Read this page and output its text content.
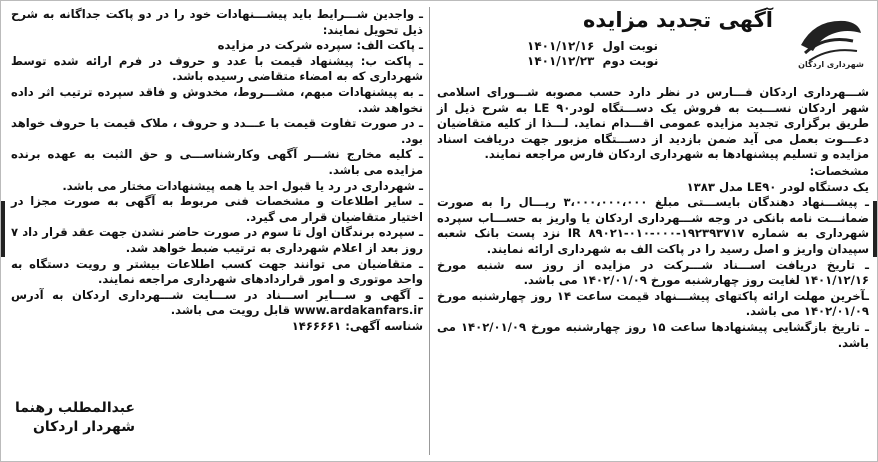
شهرداری اردکان
آگهی تجدید مزایده
نوبت اول ۱۴۰۱/۱۲/۱۶
نوبت دوم ۱۴۰۱/۱۲/۲۳

شـــهرداری اردکان فـــارس در نظر دارد حسب مصوبه شـــورای اسلامی شهر اردکان نســـبت به فروش یک دســـتگاه لودر۹۰ LE به شرح ذیل از طریق برگزاری تجدید مزایده عمومی اقـــدام نماید. لـــذا از کلیه متقاضیان دعـــوت بعمل می آید ضمن بازدید از دســـتگاه مزبور جهت دریافت اسناد مزایده و تسلیم پیشنهادها به شهرداری اردکان فارس مراجعه نمایند.

مشخصات:

یک دستگاه لودر LE۹۰ مدل ۱۳۸۳

ـ پیشـــنهاد دهندگان بایســـتی مبلغ ۳،۰۰۰،۰۰۰،۰۰۰ ریـــال را به صورت ضمانـــت نامه بانکی در وجه شـــهرداری اردکان یا واریز به حســـاب سپرده شهرداری به شماره ۱۹۲۳۹۳۷۱۷-۰۰۰-۰۱۰-۸۹۰۲۱ IR نزد پست بانک شعبه سپیدان واریز و اصل رسید را در پاکت الف به شهرداری ارائه نمایند.

ـ تاریخ دریافت اســـناد شـــرکت در مزایده از روز سه شنبه مورخ ۱۴۰۱/۱۲/۱۶ لغایت روز چهارشنبه مورخ ۱۴۰۲/۰۱/۰۹ می باشد.

ـآخرین مهلت ارائه پاکتهای پیشـــنهاد قیمت ساعت ۱۴ روز چهارشنبه مورخ ۱۴۰۲/۰۱/۰۹ می باشد.

ـ تاریخ بازگشایی پیشنهادها ساعت ۱۵ روز چهارشنبه مورخ ۱۴۰۲/۰۱/۰۹ می باشد.

ـ واجدین شـــرایط باید پیشـــنهادات خود را در دو پاکت جداگانه به شرح ذیل تحویل نمایند:

ـ پاکت الف: سپرده شرکت در مزایده

ـ پاکت ب: پیشنهاد قیمت با عدد و حروف در فرم ارائه شده توسط شهرداری که به امضاء متقاضی رسیده باشد.

ـ به پیشنهادات مبهم، مشـــروط، مخدوش و فاقد سپرده ترتیب اثر داده نخواهد شد.

ـ در صورت تفاوت قیمت با عـــدد و حروف ، ملاک قیمت با حروف خواهد بود.

ـ کلیه مخارج نشـــر آگهی وکارشناســـی و حق الثبت به عهده برنده مزایده می باشد.

ـ شهرداری در رد یا قبول احد یا همه پیشنهادات مختار می باشد.

ـ سایر اطلاعات و مشخصات فنی مربوط به آگهی به صورت مجزا در اختیار متقاضیان قرار می گیرد.

ـ سپرده برندگان اول تا سوم در صورت حاضر نشدن جهت عقد قرار داد ۷ روز بعد از اعلام شهرداری به ترتیب ضبط خواهد شد.

ـ متقاضیان می توانند جهت کسب اطلاعات بیشتر و رویت دستگاه به واحد موتوری و امور قراردادهای شهرداری مراجعه نمایند.

ـ آگهی و ســـایر اســـناد در ســـایت شـــهرداری اردکان به آدرس www.ardakanfars.ir قابل رویت می باشد.

شناسه آگهی: ۱۴۶۶۶۶۱

عبدالمطلب رهنما
شهردار اردکان
